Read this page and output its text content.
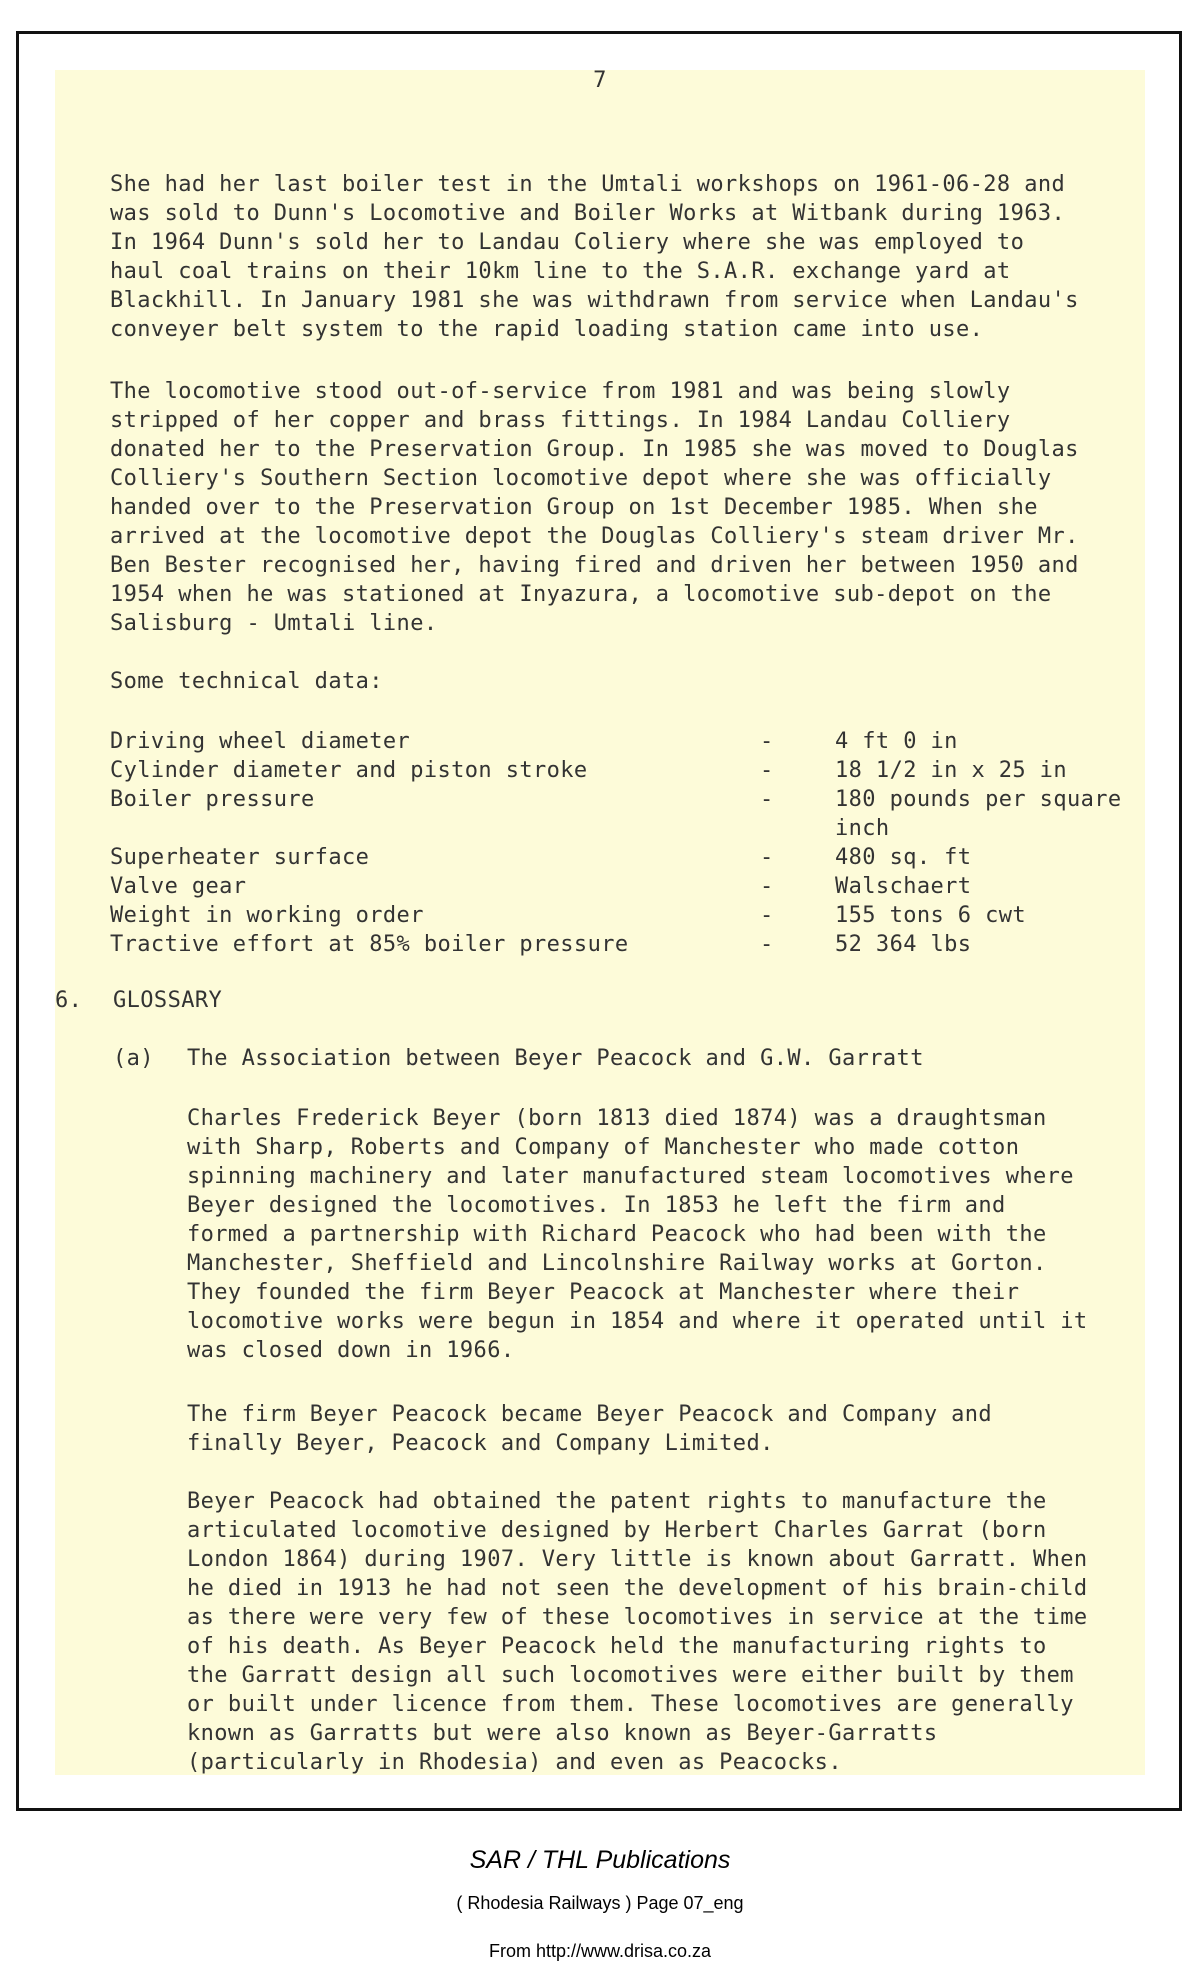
7

She had her last boiler test in the Umtali workshops on 1961-06-28 and
was sold to Dunn's Locomotive and Boiler Works at Witbank during 1963.
In 1964 Dunn's sold her to Landau Coliery where she was employed to
haul coal trains on their 10km line to the S.A.R. exchange yard at
Blackhill. In January 1981 she was withdrawn from service when Landau's
conveyer belt system to the rapid loading station came into use.

The locomotive stood out-of-service from 1981 and was being slowly
stripped of her copper and brass fittings. In 1984 Landau Colliery
donated her to the Preservation Group. In 1985 she was moved to Douglas
Colliery's Southern Section locomotive depot where she was officially
handed over to the Preservation Group on 1st December 1985. When she
arrived at the locomotive depot the Douglas Colliery's steam driver Mr.
Ben Bester recognised her, having fired and driven her between 1950 and
1954 when he was stationed at Inyazura, a locomotive sub-depot on the
Salisburg - Umtali line.

Some technical data:

Driving wheel diameter	-	4 ft 0 in
Cylinder diameter and piston stroke	-	18 1/2 in x 25 in
Boiler pressure	-	180 pounds per square
inch
Superheater surface	-	480 sq. ft
Valve gear	-	Walschaert
Weight in working order	-	155 tons 6 cwt
Tractive effort at 85% boiler pressure	-	52 364 lbs
6. GLOSSARY
(a) The Association between Beyer Peacock and G.W. Garratt

Charles Frederick Beyer (born 1813 died 1874) was a draughtsman
with Sharp, Roberts and Company of Manchester who made cotton
spinning machinery and later manufactured steam locomotives where
Beyer designed the locomotives. In 1853 he left the firm and
formed a partnership with Richard Peacock who had been with the
Manchester, Sheffield and Lincolnshire Railway works at Gorton.
They founded the firm Beyer Peacock at Manchester where their
locomotive works were begun in 1854 and where it operated until it
was closed down in 1966.

The firm Beyer Peacock became Beyer Peacock and Company and
finally Beyer, Peacock and Company Limited.

Beyer Peacock had obtained the patent rights to manufacture the
articulated locomotive designed by Herbert Charles Garrat (born
London 1864) during 1907. Very little is known about Garratt. When
he died in 1913 he had not seen the development of his brain-child
as there were very few of these locomotives in service at the time
of his death. As Beyer Peacock held the manufacturing rights to
the Garratt design all such locomotives were either built by them
or built under licence from them. These locomotives are generally
known as Garratts but were also known as Beyer-Garratts
(particularly in Rhodesia) and even as Peacocks.

SAR / THL Publications
( Rhodesia Railways ) Page 07_eng
From http://www.drisa.co.za
